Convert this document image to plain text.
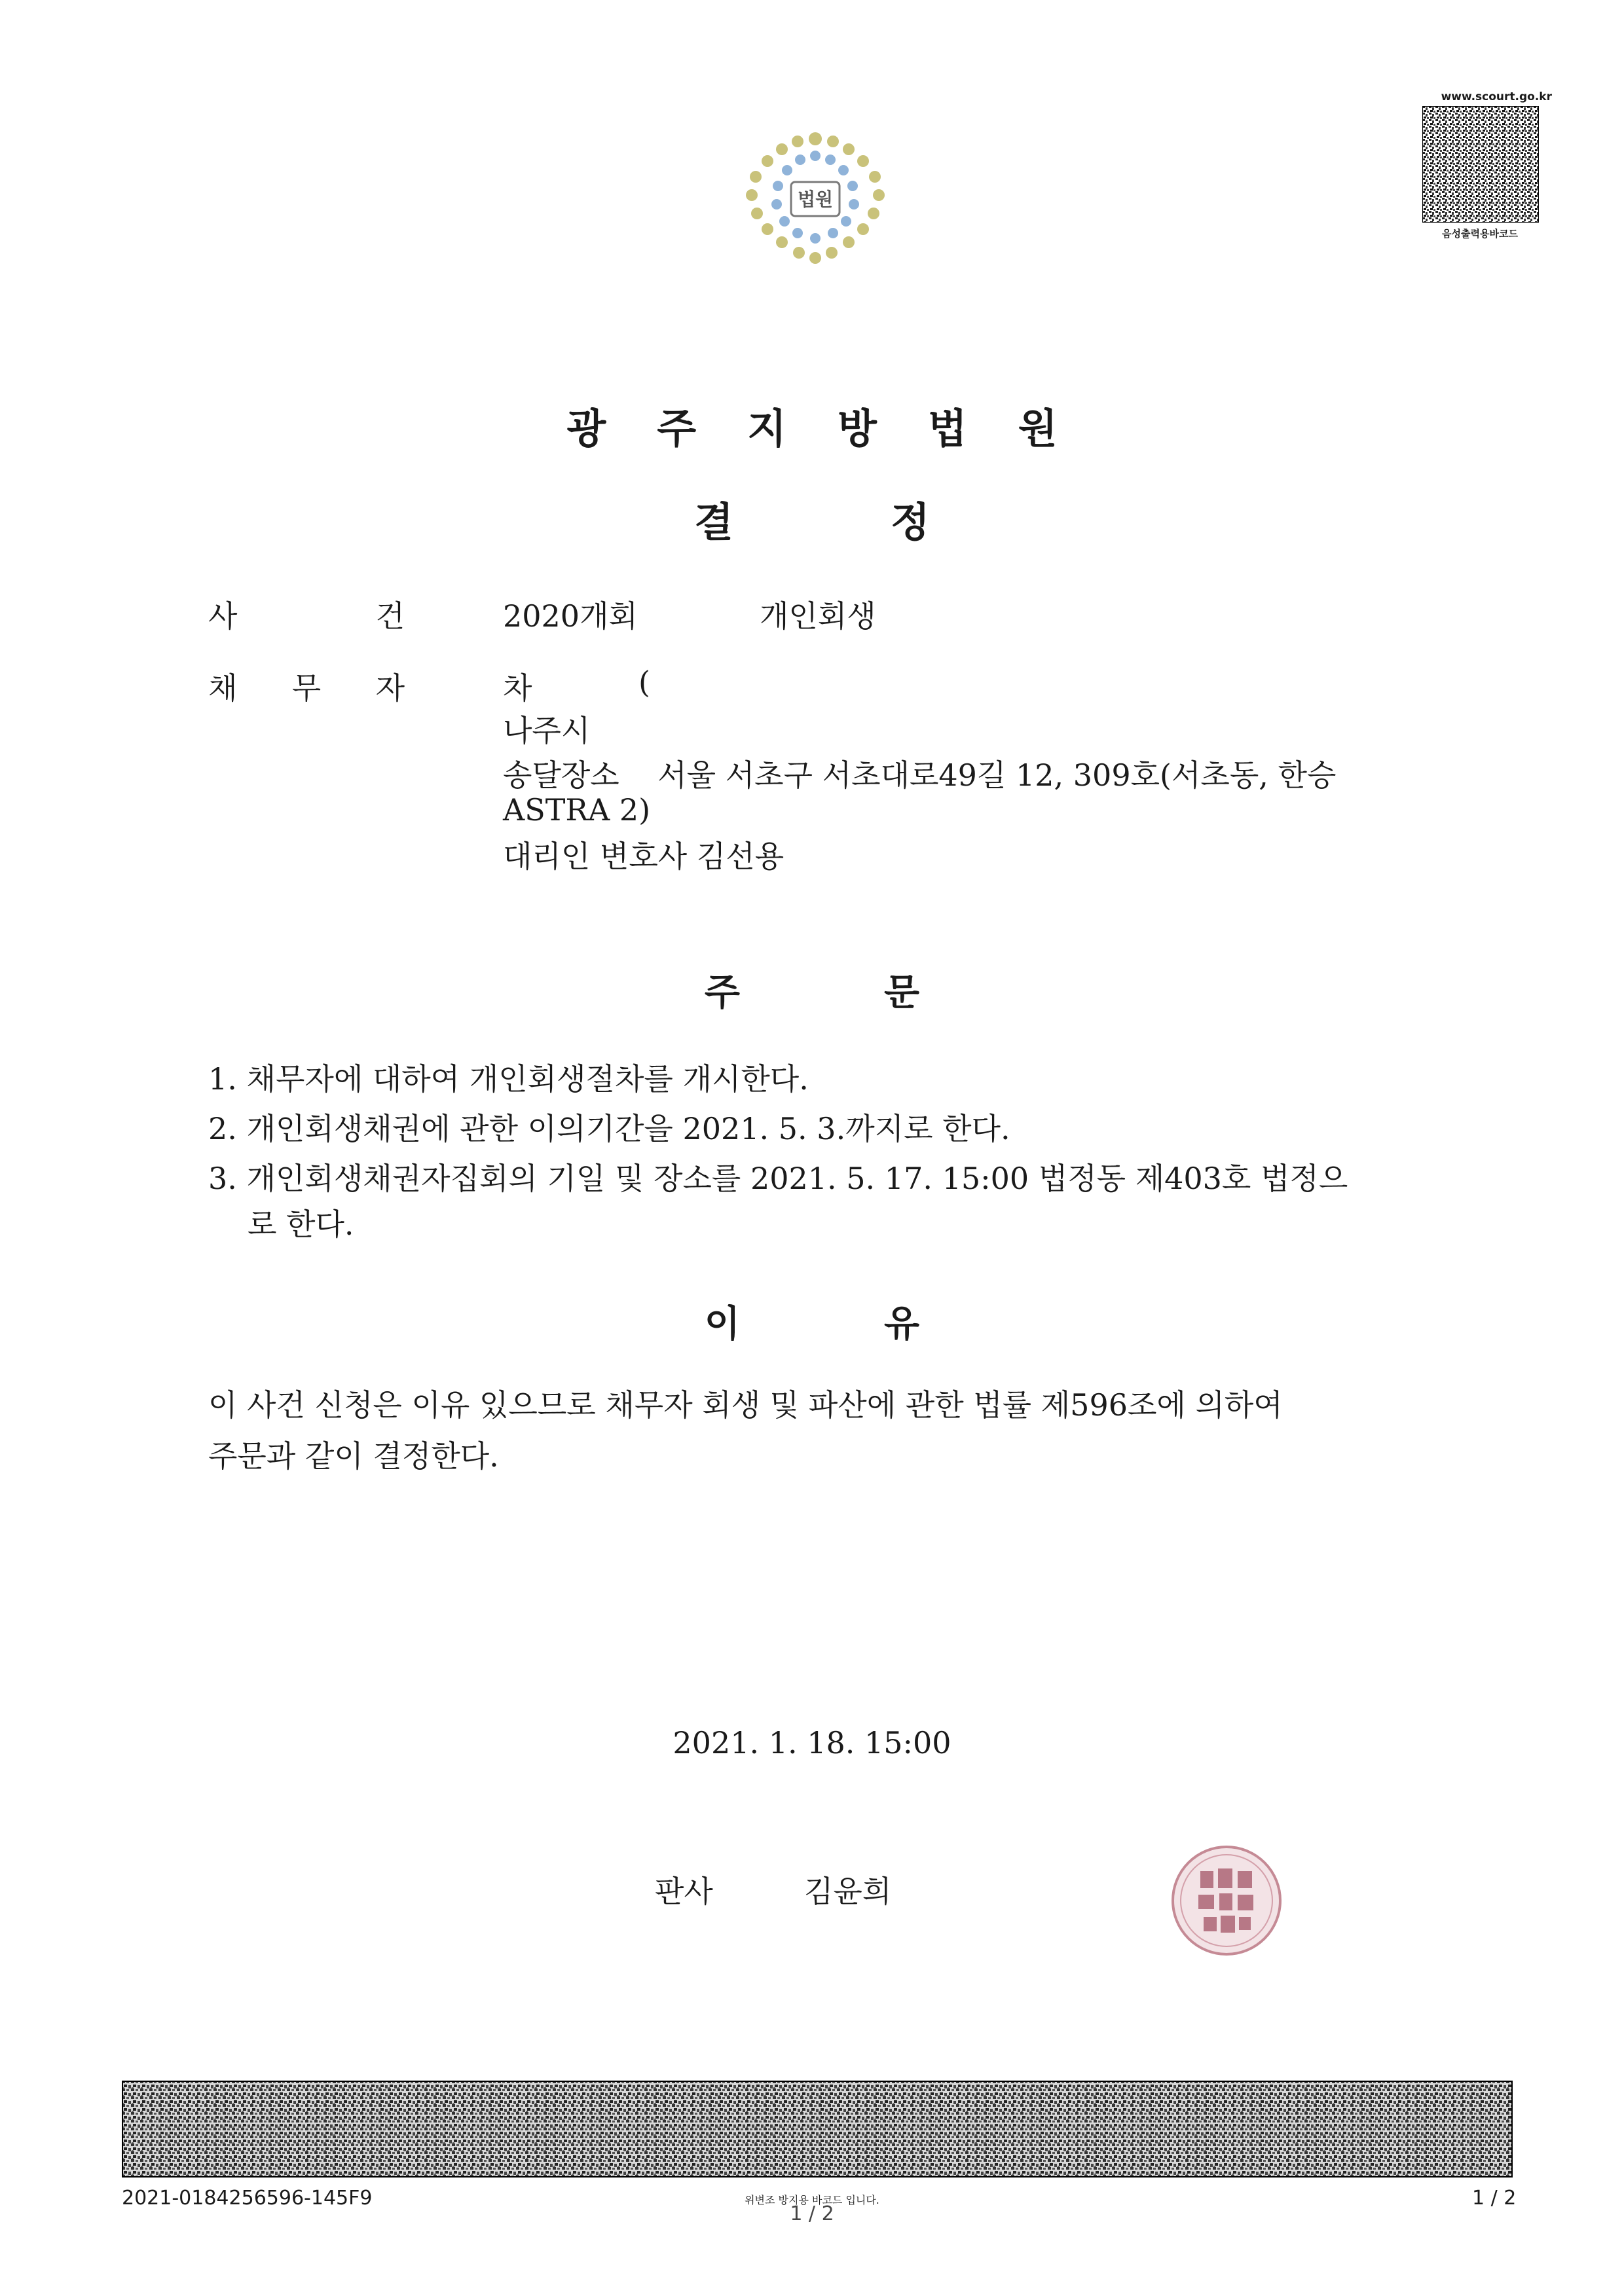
법원
www.scourt.go.kr
음성출력용바코드
광주지방법원
결정
사	건	2020개회	개인회생
채 무 자	차	(
나주시
송달장소 서울 서초구 서초대로49길 12, 309호(서초동, 한승
ASTRA 2)
대리인 변호사 김선용
주문
1. 채무자에 대하여 개인회생절차를 개시한다.
2. 개인회생채권에 관한 이의기간을 2021. 5. 3.까지로 한다.
3. 개인회생채권자집회의 기일 및 장소를 2021. 5. 17. 15:00 법정동 제403호 법정으
로 한다.
이유
이 사건 신청은 이유 있으므로 채무자 회생 및 파산에 관한 법률 제596조에 의하여
주문과 같이 결정한다.
2021. 1. 18. 15:00
판사	김윤희
2021-0184256596-145F9	위변조 방지용 바코드 입니다.
1 / 2
1 / 2
